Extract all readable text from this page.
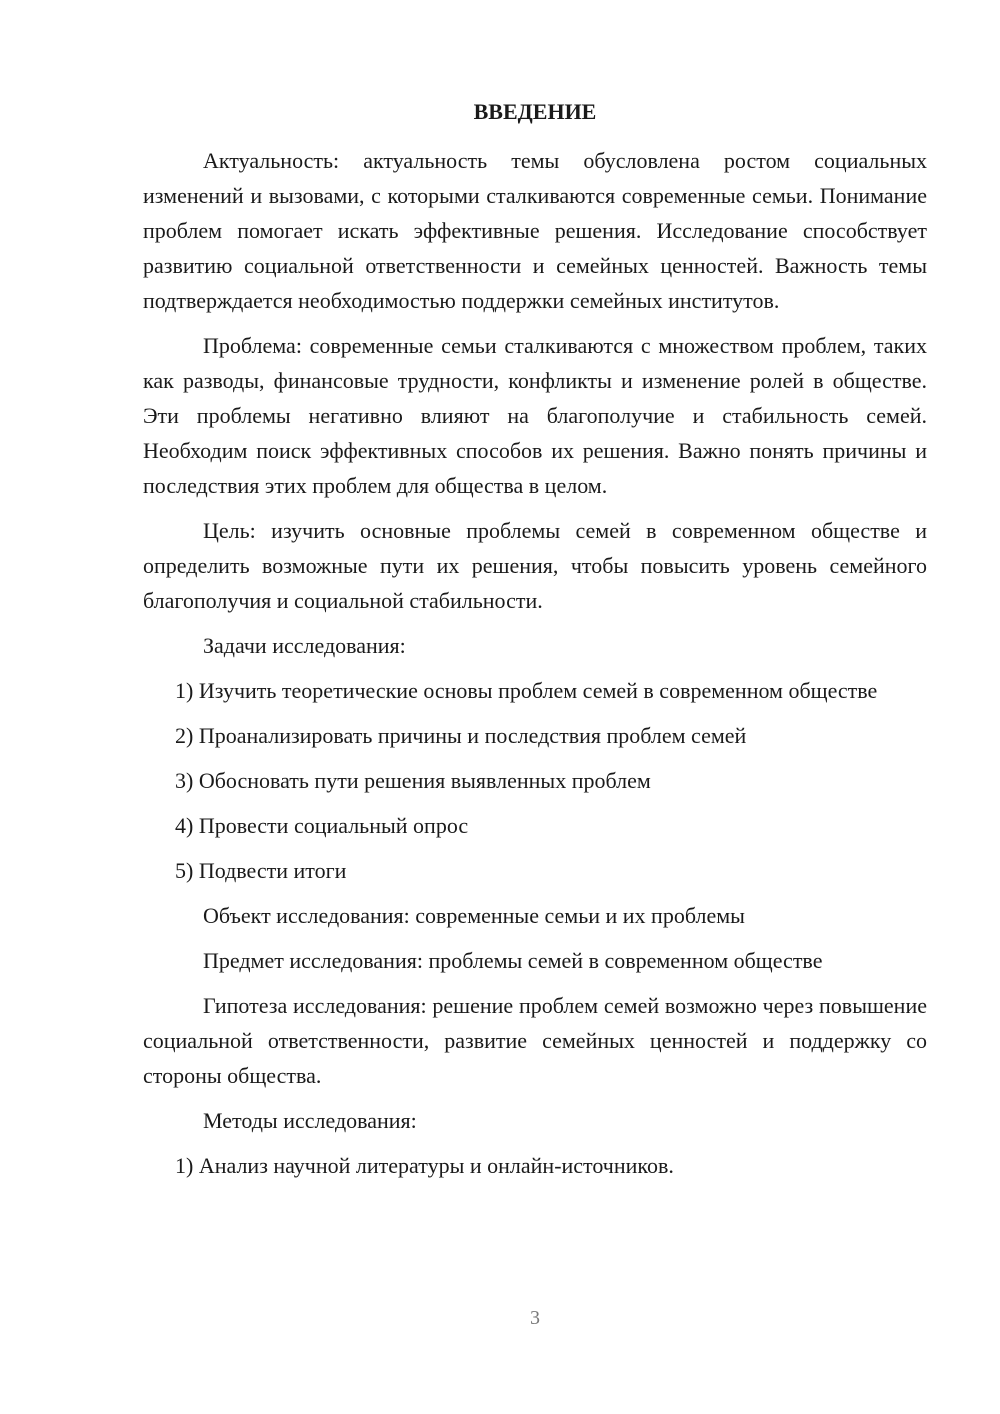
ВВЕДЕНИЕ

Актуальность: актуальность темы обусловлена ростом социальных изменений и вызовами, с которыми сталкиваются современные семьи. Понимание проблем помогает искать эффективные решения. Исследование способствует развитию социальной ответственности и семейных ценностей. Важность темы подтверждается необходимостью поддержки семейных институтов.

Проблема: современные семьи сталкиваются с множеством проблем, таких как разводы, финансовые трудности, конфликты и изменение ролей в обществе. Эти проблемы негативно влияют на благополучие и стабильность семей. Необходим поиск эффективных способов их решения. Важно понять причины и последствия этих проблем для общества в целом.

Цель: изучить основные проблемы семей в современном обществе и определить возможные пути их решения, чтобы повысить уровень семейного благополучия и социальной стабильности.

Задачи исследования:

1) Изучить теоретические основы проблем семей в современном обществе

2) Проанализировать причины и последствия проблем семей

3) Обосновать пути решения выявленных проблем

4) Провести социальный опрос

5) Подвести итоги

Объект исследования: современные семьи и их проблемы

Предмет исследования: проблемы семей в современном обществе

Гипотеза исследования: решение проблем семей возможно через повышение социальной ответственности, развитие семейных ценностей и поддержку со стороны общества.

Методы исследования:

1) Анализ научной литературы и онлайн-источников.

3
